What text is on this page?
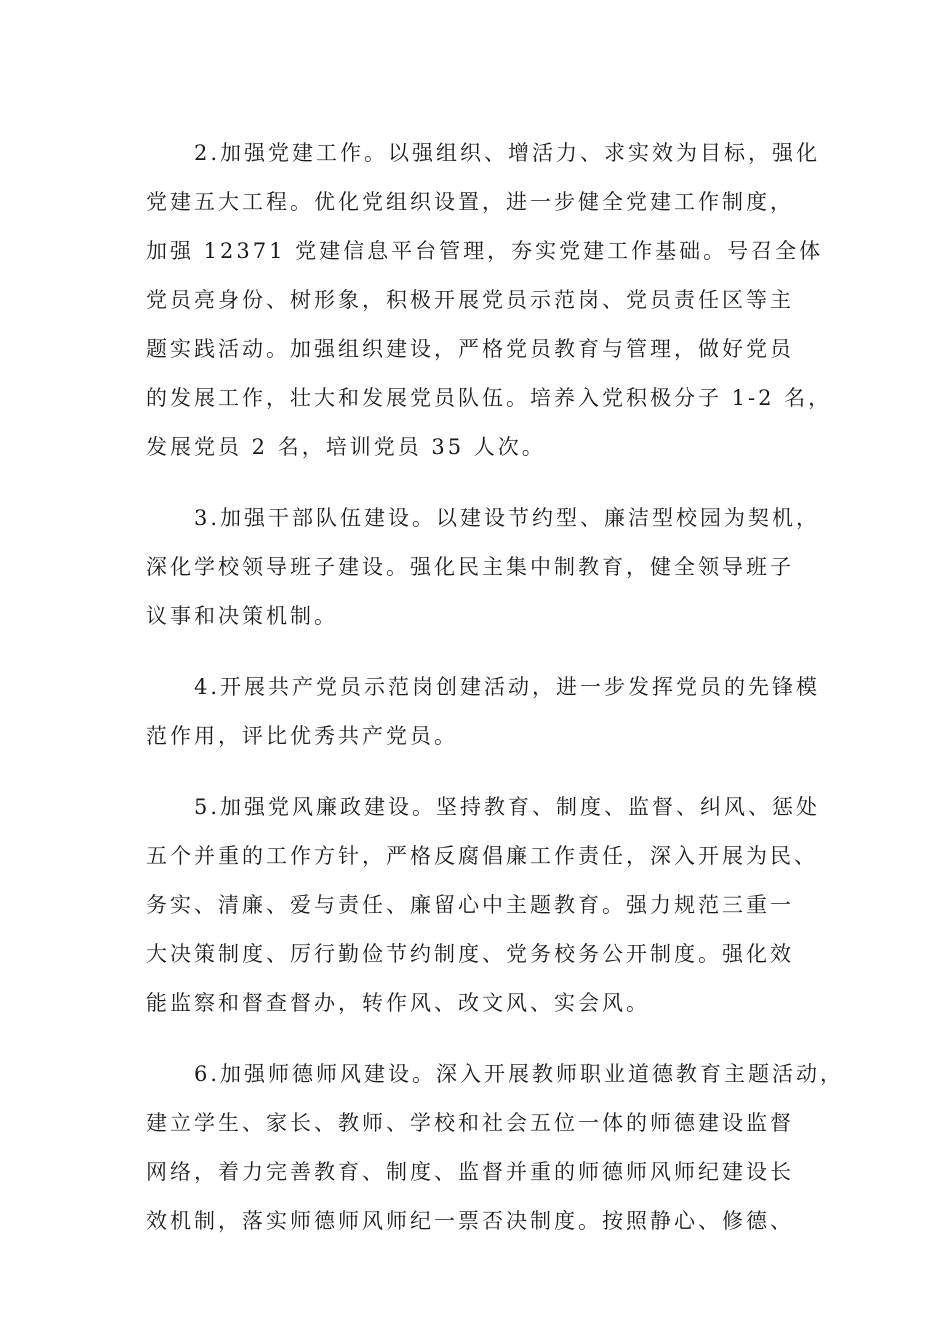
　　2.加强党建工作。以强组织、增活力、求实效为目标，强化
党建五大工程。优化党组织设置，进一步健全党建工作制度，
加强 12371 党建信息平台管理，夯实党建工作基础。号召全体
党员亮身份、树形象，积极开展党员示范岗、党员责任区等主
题实践活动。加强组织建设，严格党员教育与管理，做好党员
的发展工作，壮大和发展党员队伍。培养入党积极分子 1-2 名，
发展党员 2 名，培训党员 35 人次。
　　3.加强干部队伍建设。以建设节约型、廉洁型校园为契机，
深化学校领导班子建设。强化民主集中制教育，健全领导班子
议事和决策机制。
　　4.开展共产党员示范岗创建活动，进一步发挥党员的先锋模
范作用，评比优秀共产党员。
　　5.加强党风廉政建设。坚持教育、制度、监督、纠风、惩处
五个并重的工作方针，严格反腐倡廉工作责任，深入开展为民、
务实、清廉、爱与责任、廉留心中主题教育。强力规范三重一
大决策制度、厉行勤俭节约制度、党务校务公开制度。强化效
能监察和督查督办，转作风、改文风、实会风。
　　6.加强师德师风建设。深入开展教师职业道德教育主题活动，
建立学生、家长、教师、学校和社会五位一体的师德建设监督
网络，着力完善教育、制度、监督并重的师德师风师纪建设长
效机制，落实师德师风师纪一票否决制度。按照静心、修德、
